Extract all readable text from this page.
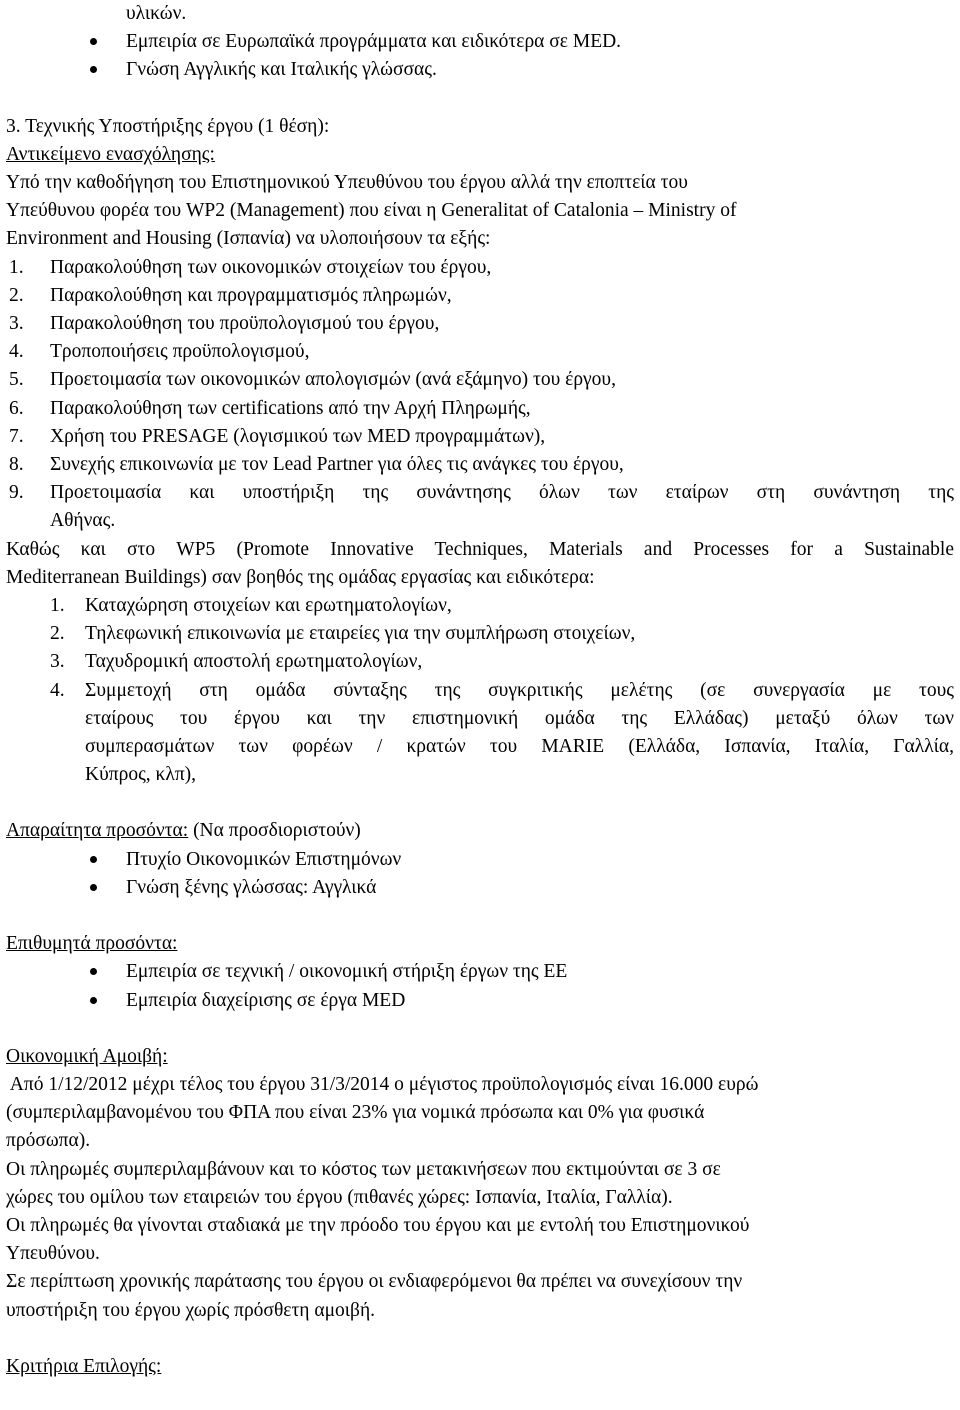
υλικών.
Εμπειρία σε Ευρωπαϊκά προγράμματα και ειδικότερα σε MED.
Γνώση Αγγλικής και Ιταλικής γλώσσας.
3. Τεχνικής Υποστήριξης έργου (1 θέση):
Αντικείμενο ενασχόλησης:
Υπό την καθοδήγηση του Επιστημονικού Υπευθύνου του έργου αλλά την εποπτεία του
Υπεύθυνου φορέα του WP2 (Management) που είναι η Generalitat of Catalonia – Ministry of
Environment and Housing (Ισπανία) να υλοποιήσουν τα εξής:
1. Παρακολούθηση των οικονομικών στοιχείων του έργου,
2. Παρακολούθηση και προγραμματισμός πληρωμών,
3. Παρακολούθηση του προϋπολογισμού του έργου,
4. Τροποποιήσεις προϋπολογισμού,
5. Προετοιμασία των οικονομικών απολογισμών (ανά εξάμηνο) του έργου,
6. Παρακολούθηση των certifications από την Αρχή Πληρωμής,
7. Χρήση του PRESAGE (λογισμικού των MED προγραμμάτων),
8. Συνεχής επικοινωνία με τον Lead Partner για όλες τις ανάγκες του έργου,
9. Προετοιμασία και υποστήριξη της συνάντησης όλων των εταίρων στη συνάντηση της
Αθήνας.
Καθώς και στο WP5 (Promote Innovative Techniques, Materials and Processes for a Sustainable
Mediterranean Buildings) σαν βοηθός της ομάδας εργασίας και ειδικότερα:
1. Καταχώρηση στοιχείων και ερωτηματολογίων,
2. Τηλεφωνική επικοινωνία με εταιρείες για την συμπλήρωση στοιχείων,
3. Ταχυδρομική αποστολή ερωτηματολογίων,
4. Συμμετοχή στη ομάδα σύνταξης της συγκριτικής μελέτης (σε συνεργασία με τους
εταίρους του έργου και την επιστημονική ομάδα της Ελλάδας) μεταξύ όλων των
συμπερασμάτων των φορέων / κρατών του MARIE (Ελλάδα, Ισπανία, Ιταλία, Γαλλία,
Κύπρος, κλπ),
Απαραίτητα προσόντα: (Να προσδιοριστούν)
Πτυχίο Οικονομικών Επιστημόνων
Γνώση ξένης γλώσσας: Αγγλικά
Επιθυμητά προσόντα:
Εμπειρία σε τεχνική / οικονομική στήριξη έργων της ΕΕ
Εμπειρία διαχείρισης σε έργα MED
Οικονομική Αμοιβή:
Από 1/12/2012 μέχρι τέλος του έργου 31/3/2014 ο μέγιστος προϋπολογισμός είναι 16.000 ευρώ
(συμπεριλαμβανομένου του ΦΠΑ που είναι 23% για νομικά πρόσωπα και 0% για φυσικά
πρόσωπα).
Οι πληρωμές συμπεριλαμβάνουν και το κόστος των μετακινήσεων που εκτιμούνται σε 3 σε
χώρες του ομίλου των εταιρειών του έργου (πιθανές χώρες: Ισπανία, Ιταλία, Γαλλία).
Οι πληρωμές θα γίνονται σταδιακά με την πρόοδο του έργου και με εντολή του Επιστημονικού
Υπευθύνου.
Σε περίπτωση χρονικής παράτασης του έργου οι ενδιαφερόμενοι θα πρέπει να συνεχίσουν την
υποστήριξη του έργου χωρίς πρόσθετη αμοιβή.
Κριτήρια Επιλογής:
